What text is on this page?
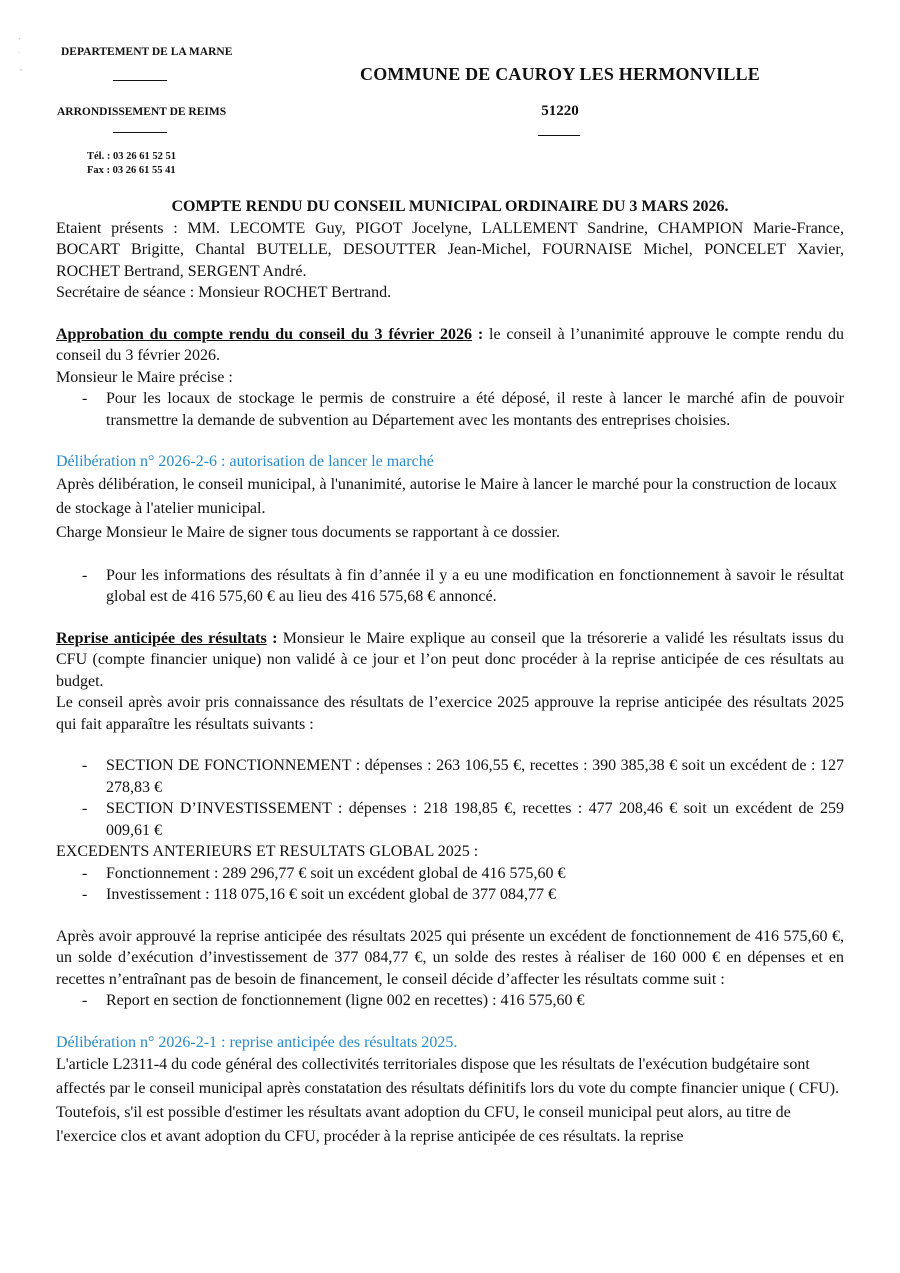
ʼ
˙
˵
DEPARTEMENT DE LA MARNE
ARRONDISSEMENT DE REIMS
Tél. : 03 26 61 52 51
Fax : 03 26 61 55 41
COMMUNE DE CAUROY LES HERMONVILLE
51220

COMPTE RENDU DU CONSEIL MUNICIPAL ORDINAIRE DU 3 MARS 2026.

Etaient présents : MM. LECOMTE Guy, PIGOT Jocelyne, LALLEMENT Sandrine, CHAMPION Marie-France, BOCART Brigitte, Chantal BUTELLE, DESOUTTER Jean-Michel, FOURNAISE Michel, PONCELET Xavier, ROCHET Bertrand, SERGENT André.

Secrétaire de séance : Monsieur ROCHET Bertrand.

Approbation du compte rendu du conseil du 3 février 2026 : le conseil à l’unanimité approuve le compte rendu du conseil du 3 février 2026.

Monsieur le Maire précise :

- Pour les locaux de stockage le permis de construire a été déposé, il reste à lancer le marché afin de pouvoir transmettre la demande de subvention au Département avec les montants des entreprises choisies.

Délibération n° 2026-2-6 : autorisation de lancer le marché

Après délibération, le conseil municipal, à l'unanimité, autorise le Maire à lancer le marché pour la construction de locaux de stockage à l'atelier municipal.

Charge Monsieur le Maire de signer tous documents se rapportant à ce dossier.

- Pour les informations des résultats à fin d’année il y a eu une modification en fonctionnement à savoir le résultat global est de 416 575,60 € au lieu des 416 575,68 € annoncé.

Reprise anticipée des résultats : Monsieur le Maire explique au conseil que la trésorerie a validé les résultats issus du CFU (compte financier unique) non validé à ce jour et l’on peut donc procéder à la reprise anticipée de ces résultats au budget.

Le conseil après avoir pris connaissance des résultats de l’exercice 2025 approuve la reprise anticipée des résultats 2025 qui fait apparaître les résultats suivants :

- SECTION DE FONCTIONNEMENT : dépenses : 263 106,55 €, recettes : 390 385,38 € soit un excédent de : 127 278,83 €
- SECTION D’INVESTISSEMENT : dépenses : 218 198,85 €, recettes : 477 208,46 € soit un excédent de 259 009,61 €

EXCEDENTS ANTERIEURS ET RESULTATS GLOBAL 2025 :

- Fonctionnement : 289 296,77 € soit un excédent global de 416 575,60 €
- Investissement : 118 075,16 € soit un excédent global de 377 084,77 €

Après avoir approuvé la reprise anticipée des résultats 2025 qui présente un excédent de fonctionnement de 416 575,60 €, un solde d’exécution d’investissement de 377 084,77 €, un solde des restes à réaliser de 160 000 € en dépenses et en recettes n’entraînant pas de besoin de financement, le conseil décide d’affecter les résultats comme suit :

- Report en section de fonctionnement (ligne 002 en recettes) : 416 575,60 €

Délibération n° 2026-2-1 : reprise anticipée des résultats 2025.

L'article L2311-4 du code général des collectivités territoriales dispose que les résultats de l'exécution budgétaire sont affectés par le conseil municipal après constatation des résultats définitifs lors du vote du compte financier unique ( CFU).

Toutefois, s'il est possible d'estimer les résultats avant adoption du CFU, le conseil municipal peut alors, au titre de l'exercice clos et avant adoption du CFU, procéder à la reprise anticipée de ces résultats. la reprise
